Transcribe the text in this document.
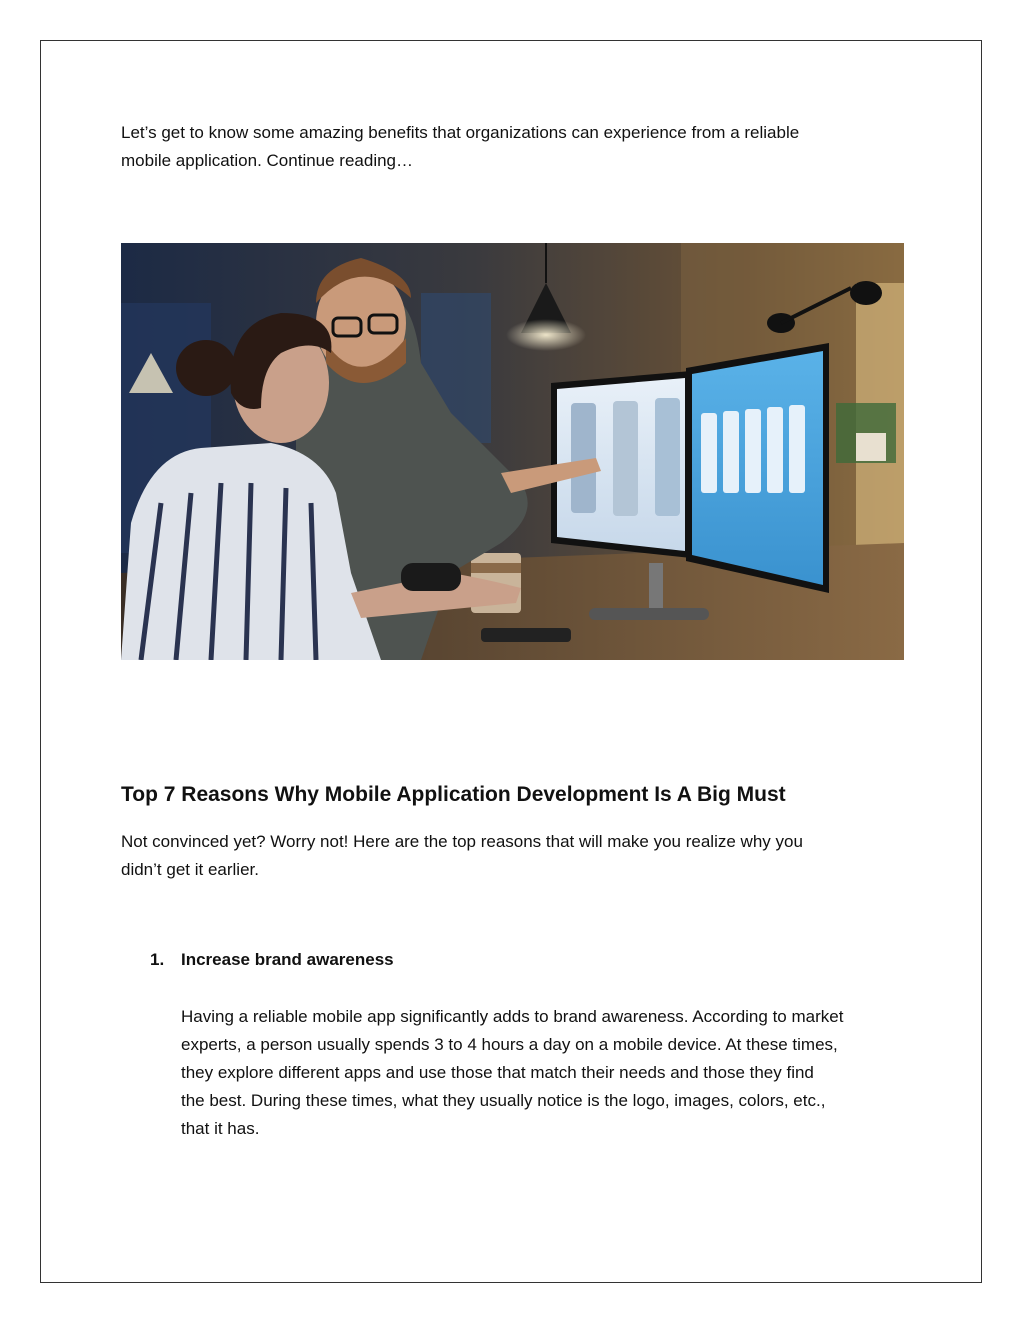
Let’s get to know some amazing benefits that organizations can experience from a reliable
mobile application. Continue reading…

Top 7 Reasons Why Mobile Application Development Is A Big Must

Not convinced yet? Worry not! Here are the top reasons that will make you realize why you
didn’t get it earlier.

1. Increase brand awareness

Having a reliable mobile app significantly adds to brand awareness. According to market
experts, a person usually spends 3 to 4 hours a day on a mobile device. At these times,
they explore different apps and use those that match their needs and those they find
the best. During these times, what they usually notice is the logo, images, colors, etc.,
that it has.
